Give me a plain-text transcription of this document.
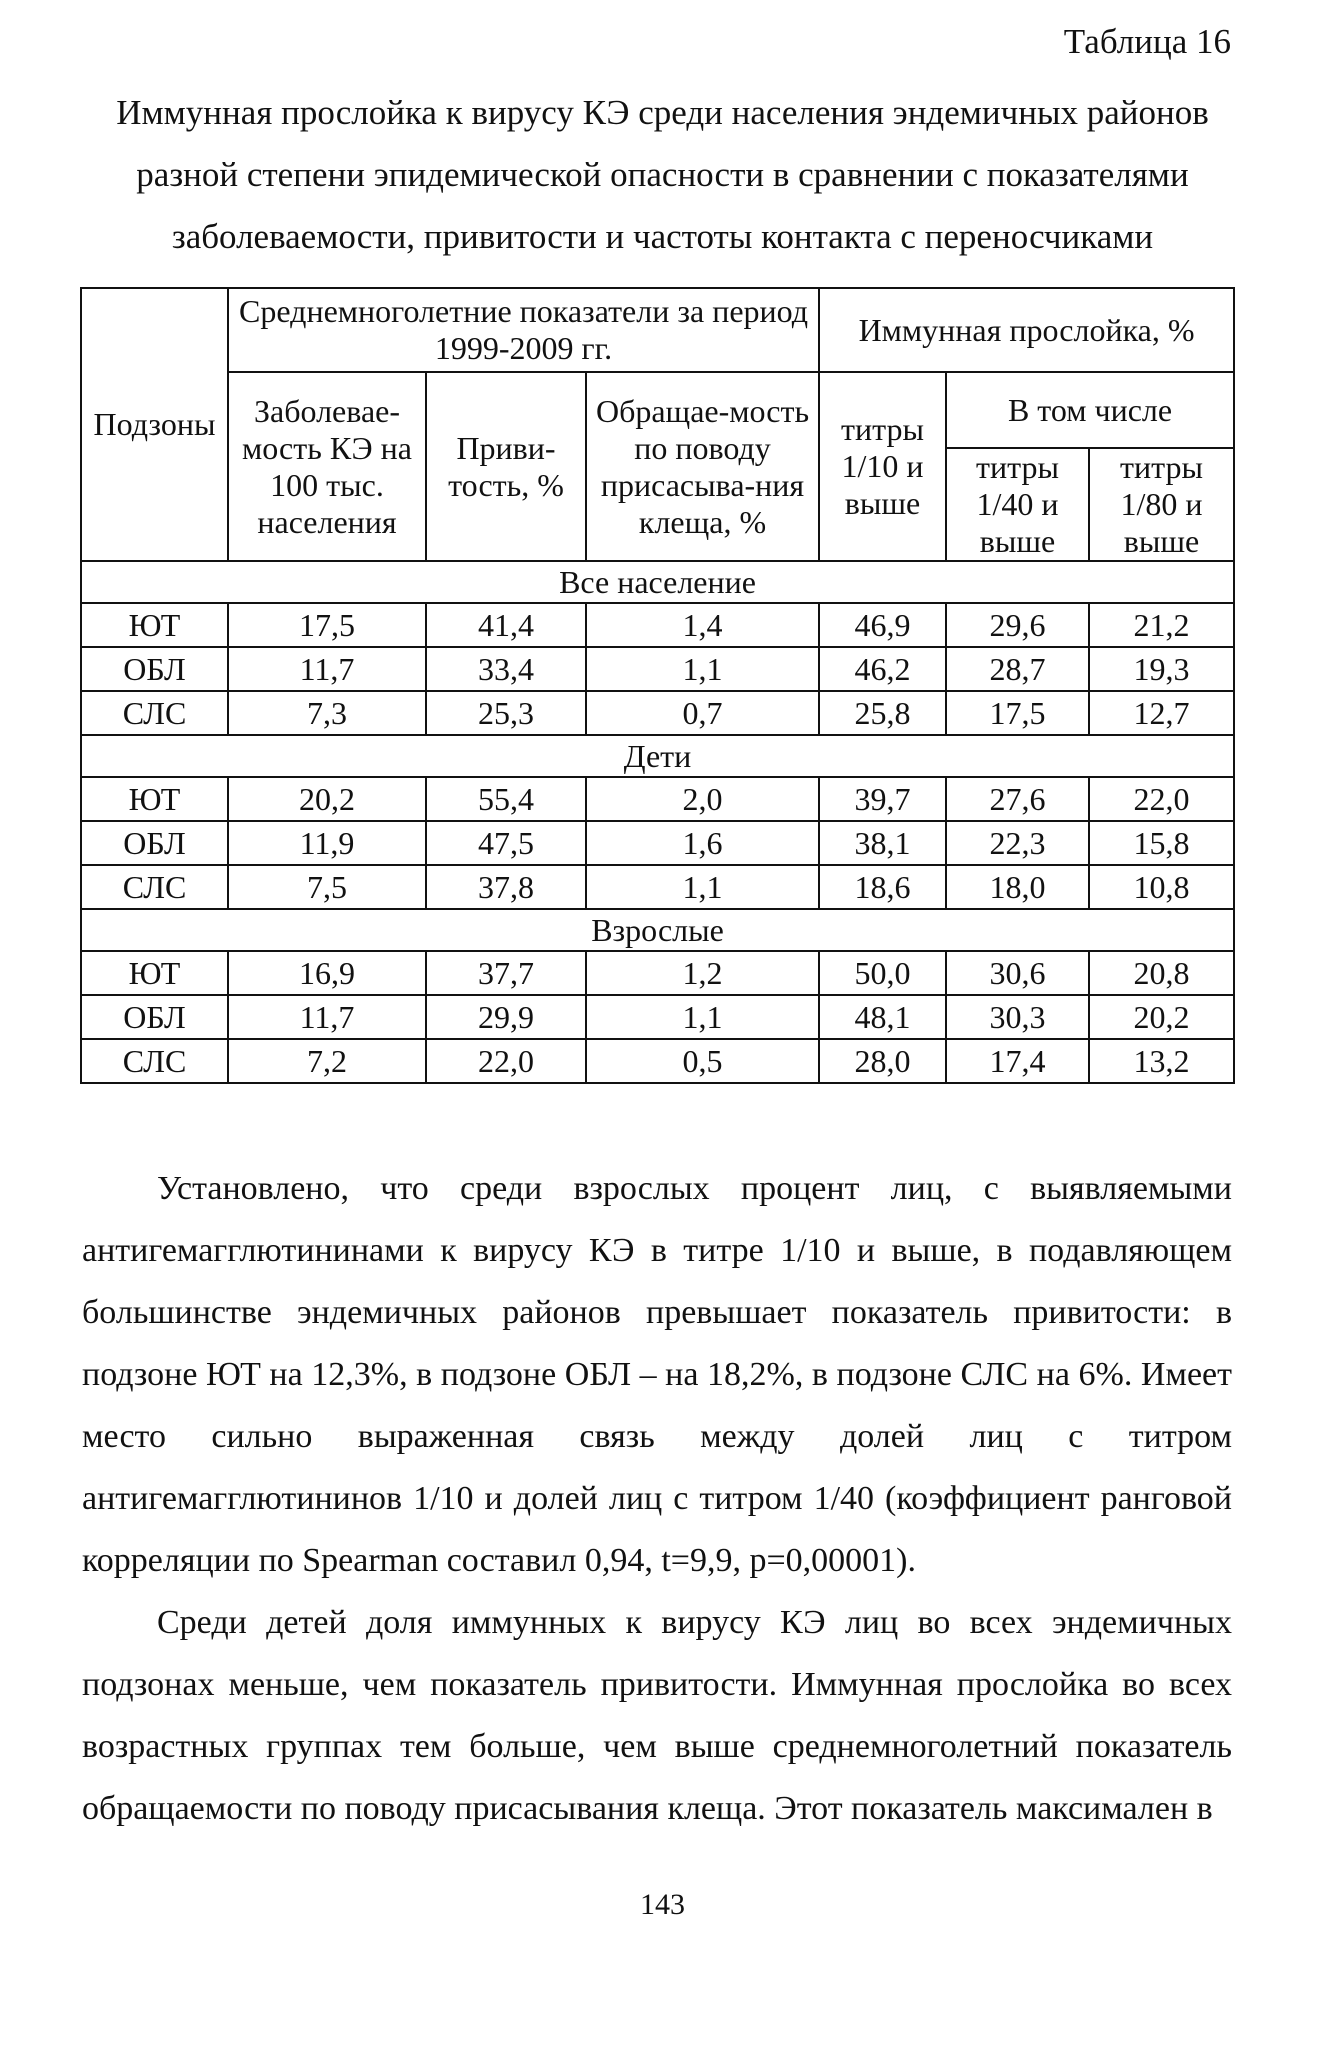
Таблица 16
Иммунная прослойка к вирусу КЭ среди населения эндемичных районов разной степени эпидемической опасности в сравнении с показателями заболеваемости, привитости и частоты контакта с переносчиками
Подзоны	Среднемноголетние показатели за период 1999-2009 гг.			Иммунная прослойка, %		
	Заболевае-мость КЭ на 100 тыс. населения	Приви-тость, %	Обращае-мость по поводу присасыва-ния клеща, %	титры 1/10 и выше	В том числе	
					титры 1/40 и выше	титры 1/80 и выше
Все население						
ЮТ	17,5	41,4	1,4	46,9	29,6	21,2
ОБЛ	11,7	33,4	1,1	46,2	28,7	19,3
СЛС	7,3	25,3	0,7	25,8	17,5	12,7
Дети						
ЮТ	20,2	55,4	2,0	39,7	27,6	22,0
ОБЛ	11,9	47,5	1,6	38,1	22,3	15,8
СЛС	7,5	37,8	1,1	18,6	18,0	10,8
Взрослые						
ЮТ	16,9	37,7	1,2	50,0	30,6	20,8
ОБЛ	11,7	29,9	1,1	48,1	30,3	20,2
СЛС	7,2	22,0	0,5	28,0	17,4	13,2

Установлено, что среди взрослых процент лиц, с выявляемыми антигемагглютининами к вирусу КЭ в титре 1/10 и выше, в подавляющем большинстве эндемичных районов превышает показатель привитости: в подзоне ЮТ на 12,3%, в подзоне ОБЛ – на 18,2%, в подзоне СЛС на 6%. Имеет место сильно выраженная связь между долей лиц с титром антигемагглютининов 1/10 и долей лиц с титром 1/40 (коэффициент ранговой корреляции по Spearman составил 0,94, t=9,9, p=0,00001).

Среди детей доля иммунных к вирусу КЭ лиц во всех эндемичных подзонах меньше, чем показатель привитости. Иммунная прослойка во всех возрастных группах тем больше, чем выше среднемноголетний показатель обращаемости по поводу присасывания клеща. Этот показатель максимален в

143
